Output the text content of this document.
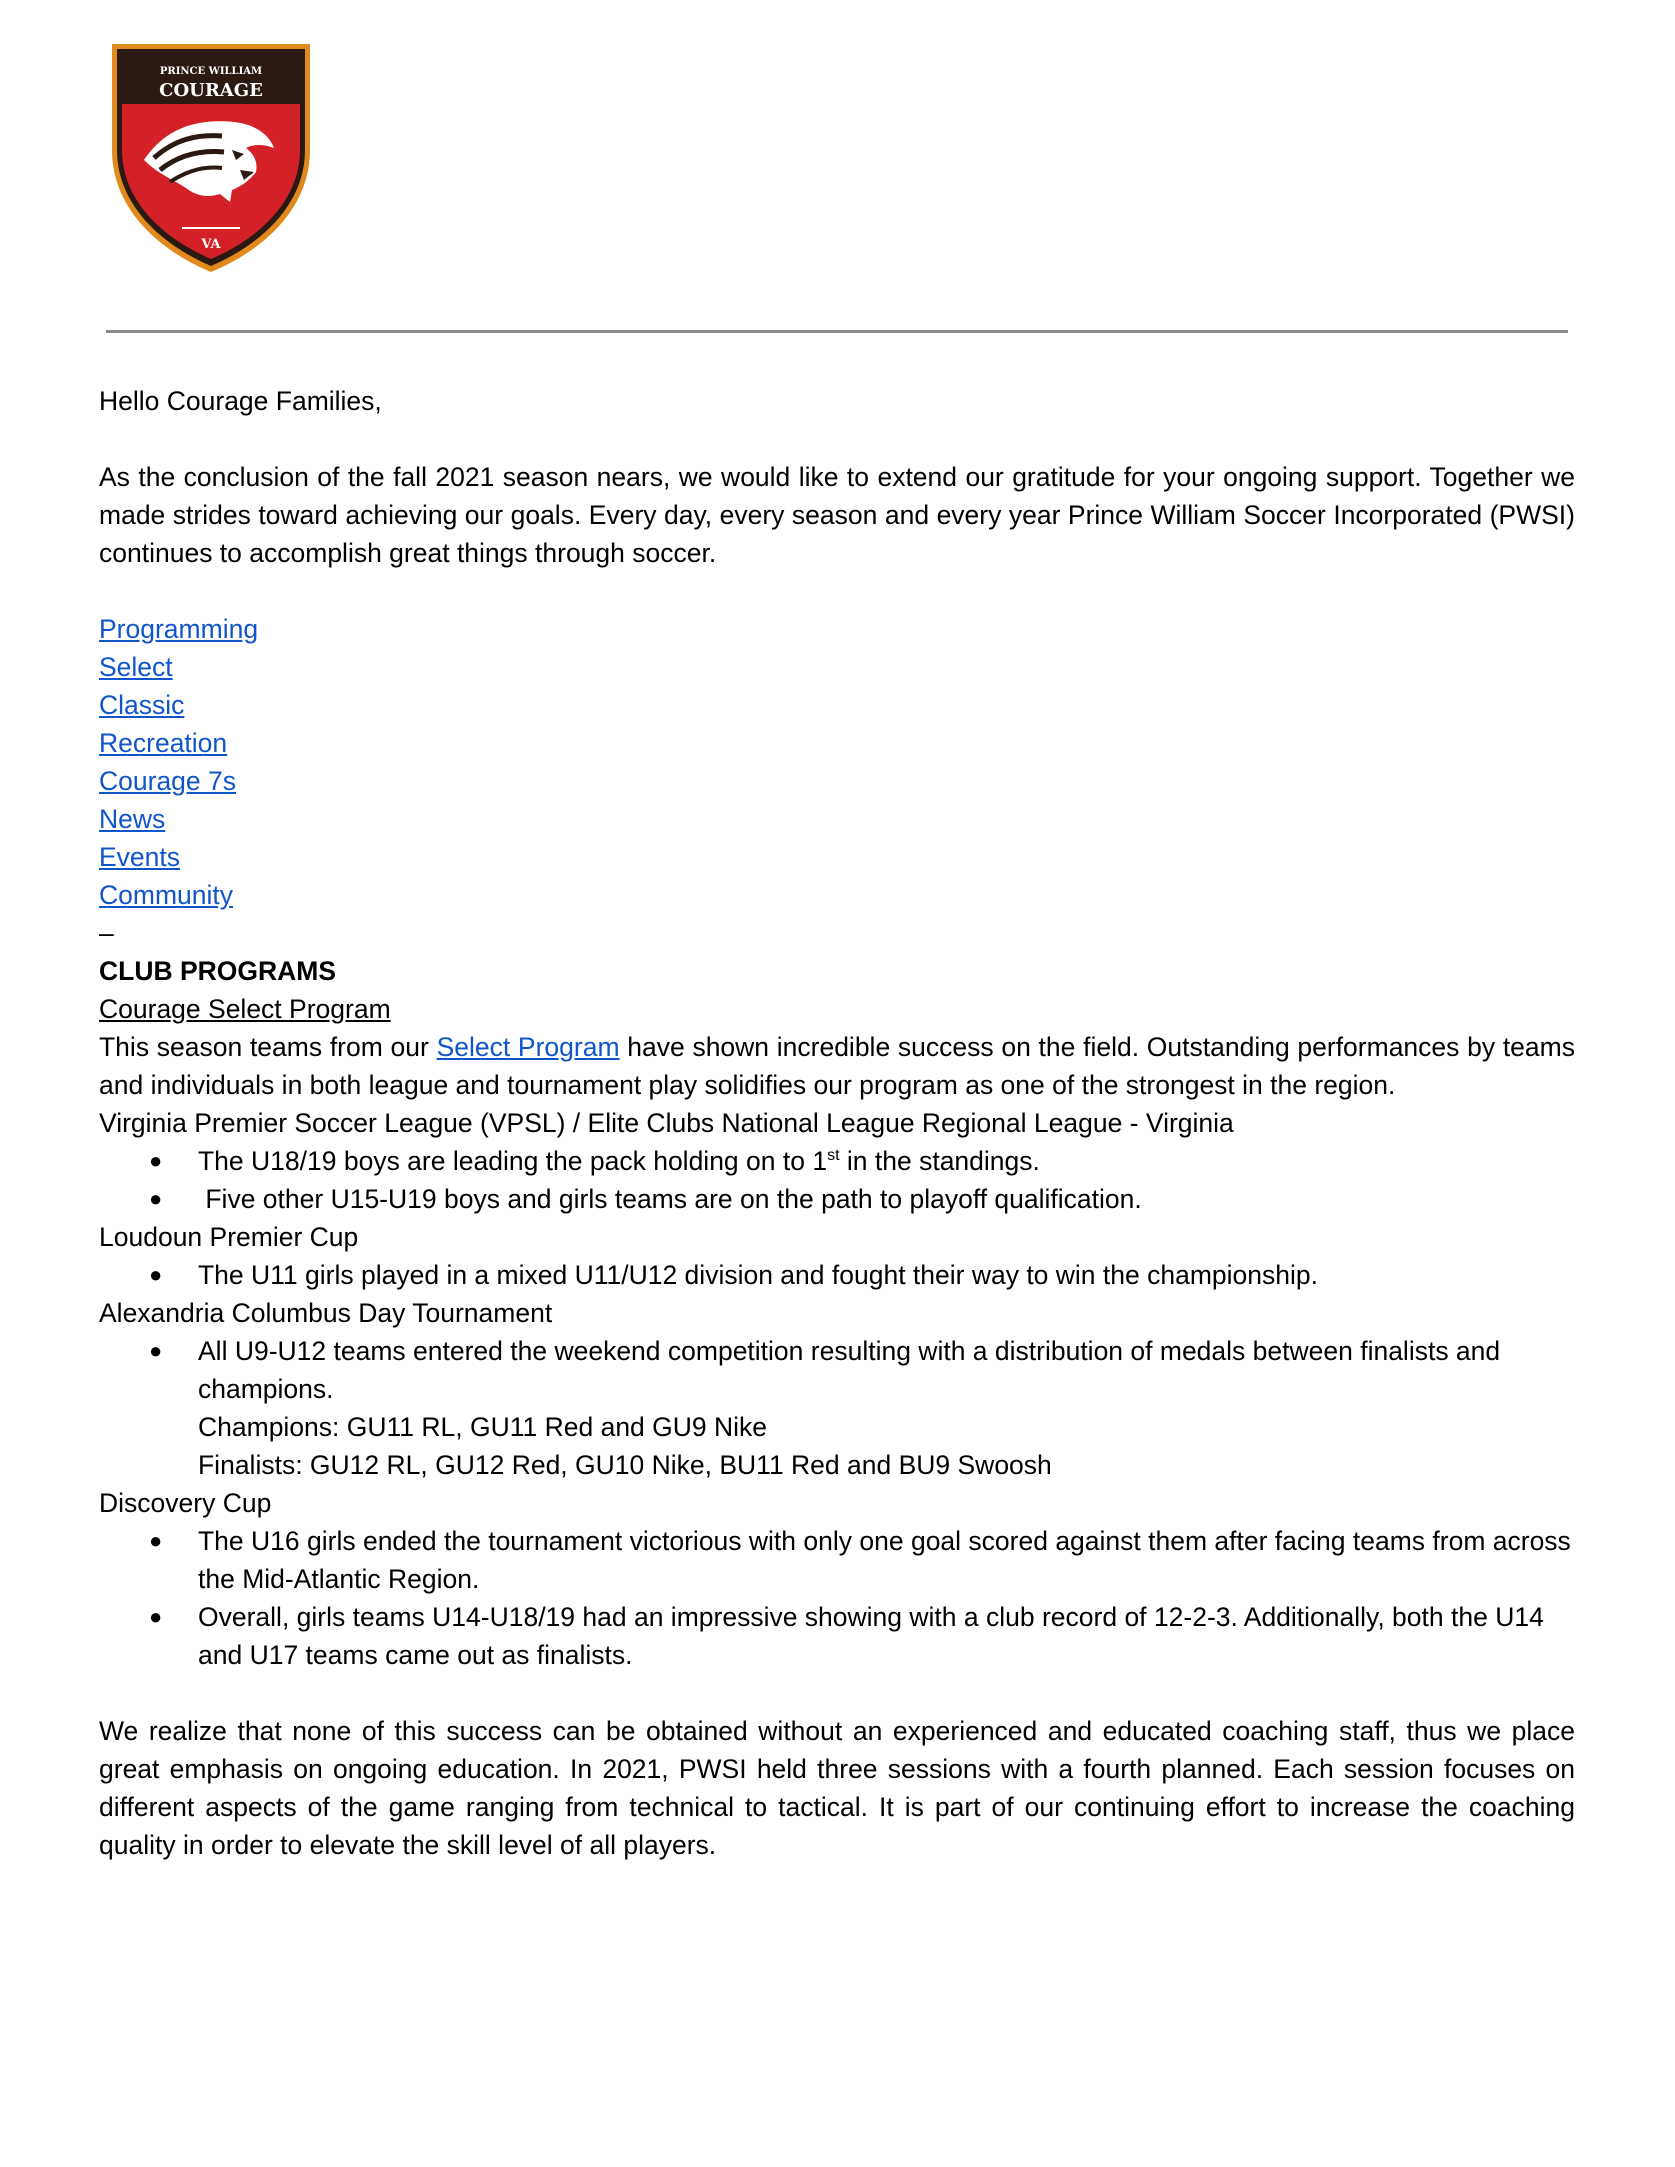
PRINCE WILLIAM
COURAGE
VA

Hello Courage Families,

As the conclusion of the fall 2021 season nears, we would like to extend our gratitude for your ongoing support. Together we made strides toward achieving our goals. Every day, every season and every year Prince William Soccer Incorporated (PWSI) continues to accomplish great things through soccer.

Programming
Select
Classic
Recreation
Courage 7s
News
Events
Community

–

CLUB PROGRAMS

Courage Select Program

This season teams from our Select Program have shown incredible success on the field. Outstanding performances by teams and individuals in both league and tournament play solidifies our program as one of the strongest in the region.

Virginia Premier Soccer League (VPSL) / Elite Clubs National League Regional League - Virginia

● The U18/19 boys are leading the pack holding on to 1st in the standings.
● Five other U15-U19 boys and girls teams are on the path to playoff qualification.

Loudoun Premier Cup

● The U11 girls played in a mixed U11/U12 division and fought their way to win the championship.

Alexandria Columbus Day Tournament

● All U9-U12 teams entered the weekend competition resulting with a distribution of medals between finalists and champions.
Champions: GU11 RL, GU11 Red and GU9 Nike
Finalists: GU12 RL, GU12 Red, GU10 Nike, BU11 Red and BU9 Swoosh

Discovery Cup

● The U16 girls ended the tournament victorious with only one goal scored against them after facing teams from across the Mid-Atlantic Region.
● Overall, girls teams U14-U18/19 had an impressive showing with a club record of 12-2-3. Additionally, both the U14 and U17 teams came out as finalists.

We realize that none of this success can be obtained without an experienced and educated coaching staff, thus we place great emphasis on ongoing education. In 2021, PWSI held three sessions with a fourth planned. Each session focuses on different aspects of the game ranging from technical to tactical. It is part of our continuing effort to increase the coaching quality in order to elevate the skill level of all players.
